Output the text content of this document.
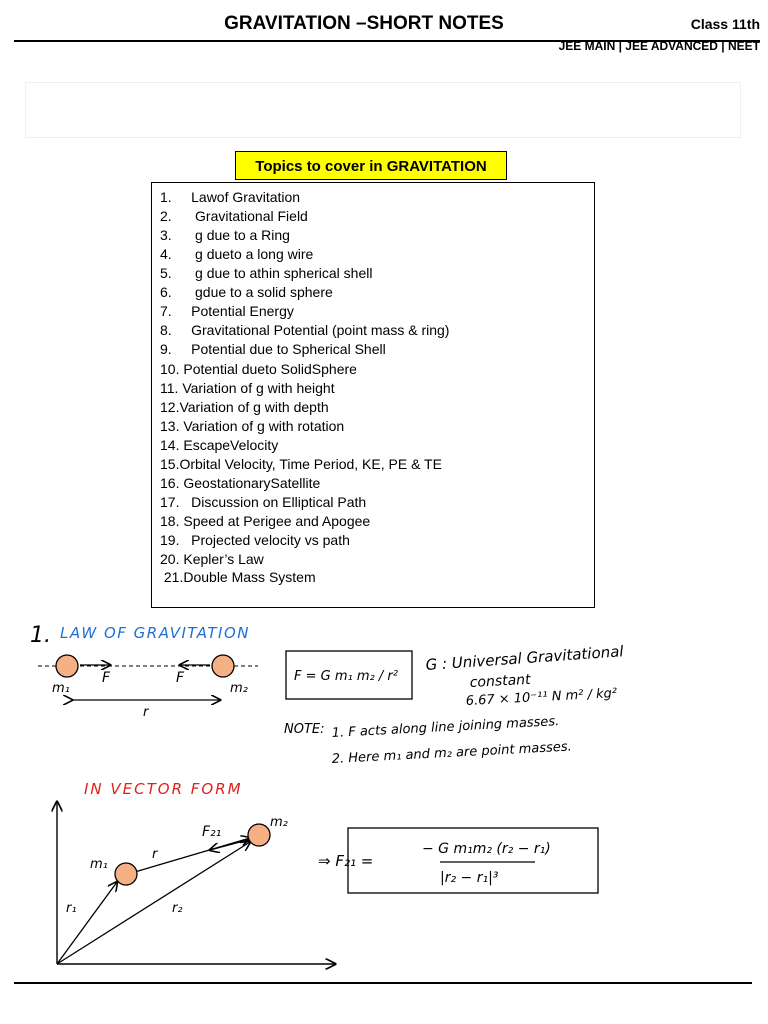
GRAVITATION –SHORT NOTES	Class 11th
JEE MAIN | JEE ADVANCED | NEET
Topics to cover in GRAVITATION
1.     Lawof Gravitation
2.      Gravitational Field
3.      g due to a Ring
4.      g dueto a long wire
5.      g due to athin spherical shell
6.      gdue to a solid sphere
7.     Potential Energy
8.     Gravitational Potential (point mass & ring)
9.     Potential due to Spherical Shell
10. Potential dueto SolidSphere
11. Variation of g with height
12.Variation of g with depth
13. Variation of g with rotation
14. EscapeVelocity
15.Orbital Velocity, Time Period, KE, PE & TE
16. GeostationarySatellite
17.   Discussion on Elliptical Path
18. Speed at Perigee and Apogee
19.   Projected velocity vs path
20. Kepler’s Law
21.Double Mass System
1. LAW OF GRAVITATION
m₁
F	F
m₂
r
F = G m₁ m₂ / r²
G : Universal Gravitational
constant
6.67 × 10⁻¹¹ N m² / kg²
NOTE: 1. F acts along line joining masses.
2. Here m₁ and m₂ are point masses.
IN VECTOR FORM
m₁
m₂
F₂₁
r
r₁	r₂
⇒ F₂₁ =
− G m₁m₂ (r₂ − r₁)
|r₂ − r₁|³
